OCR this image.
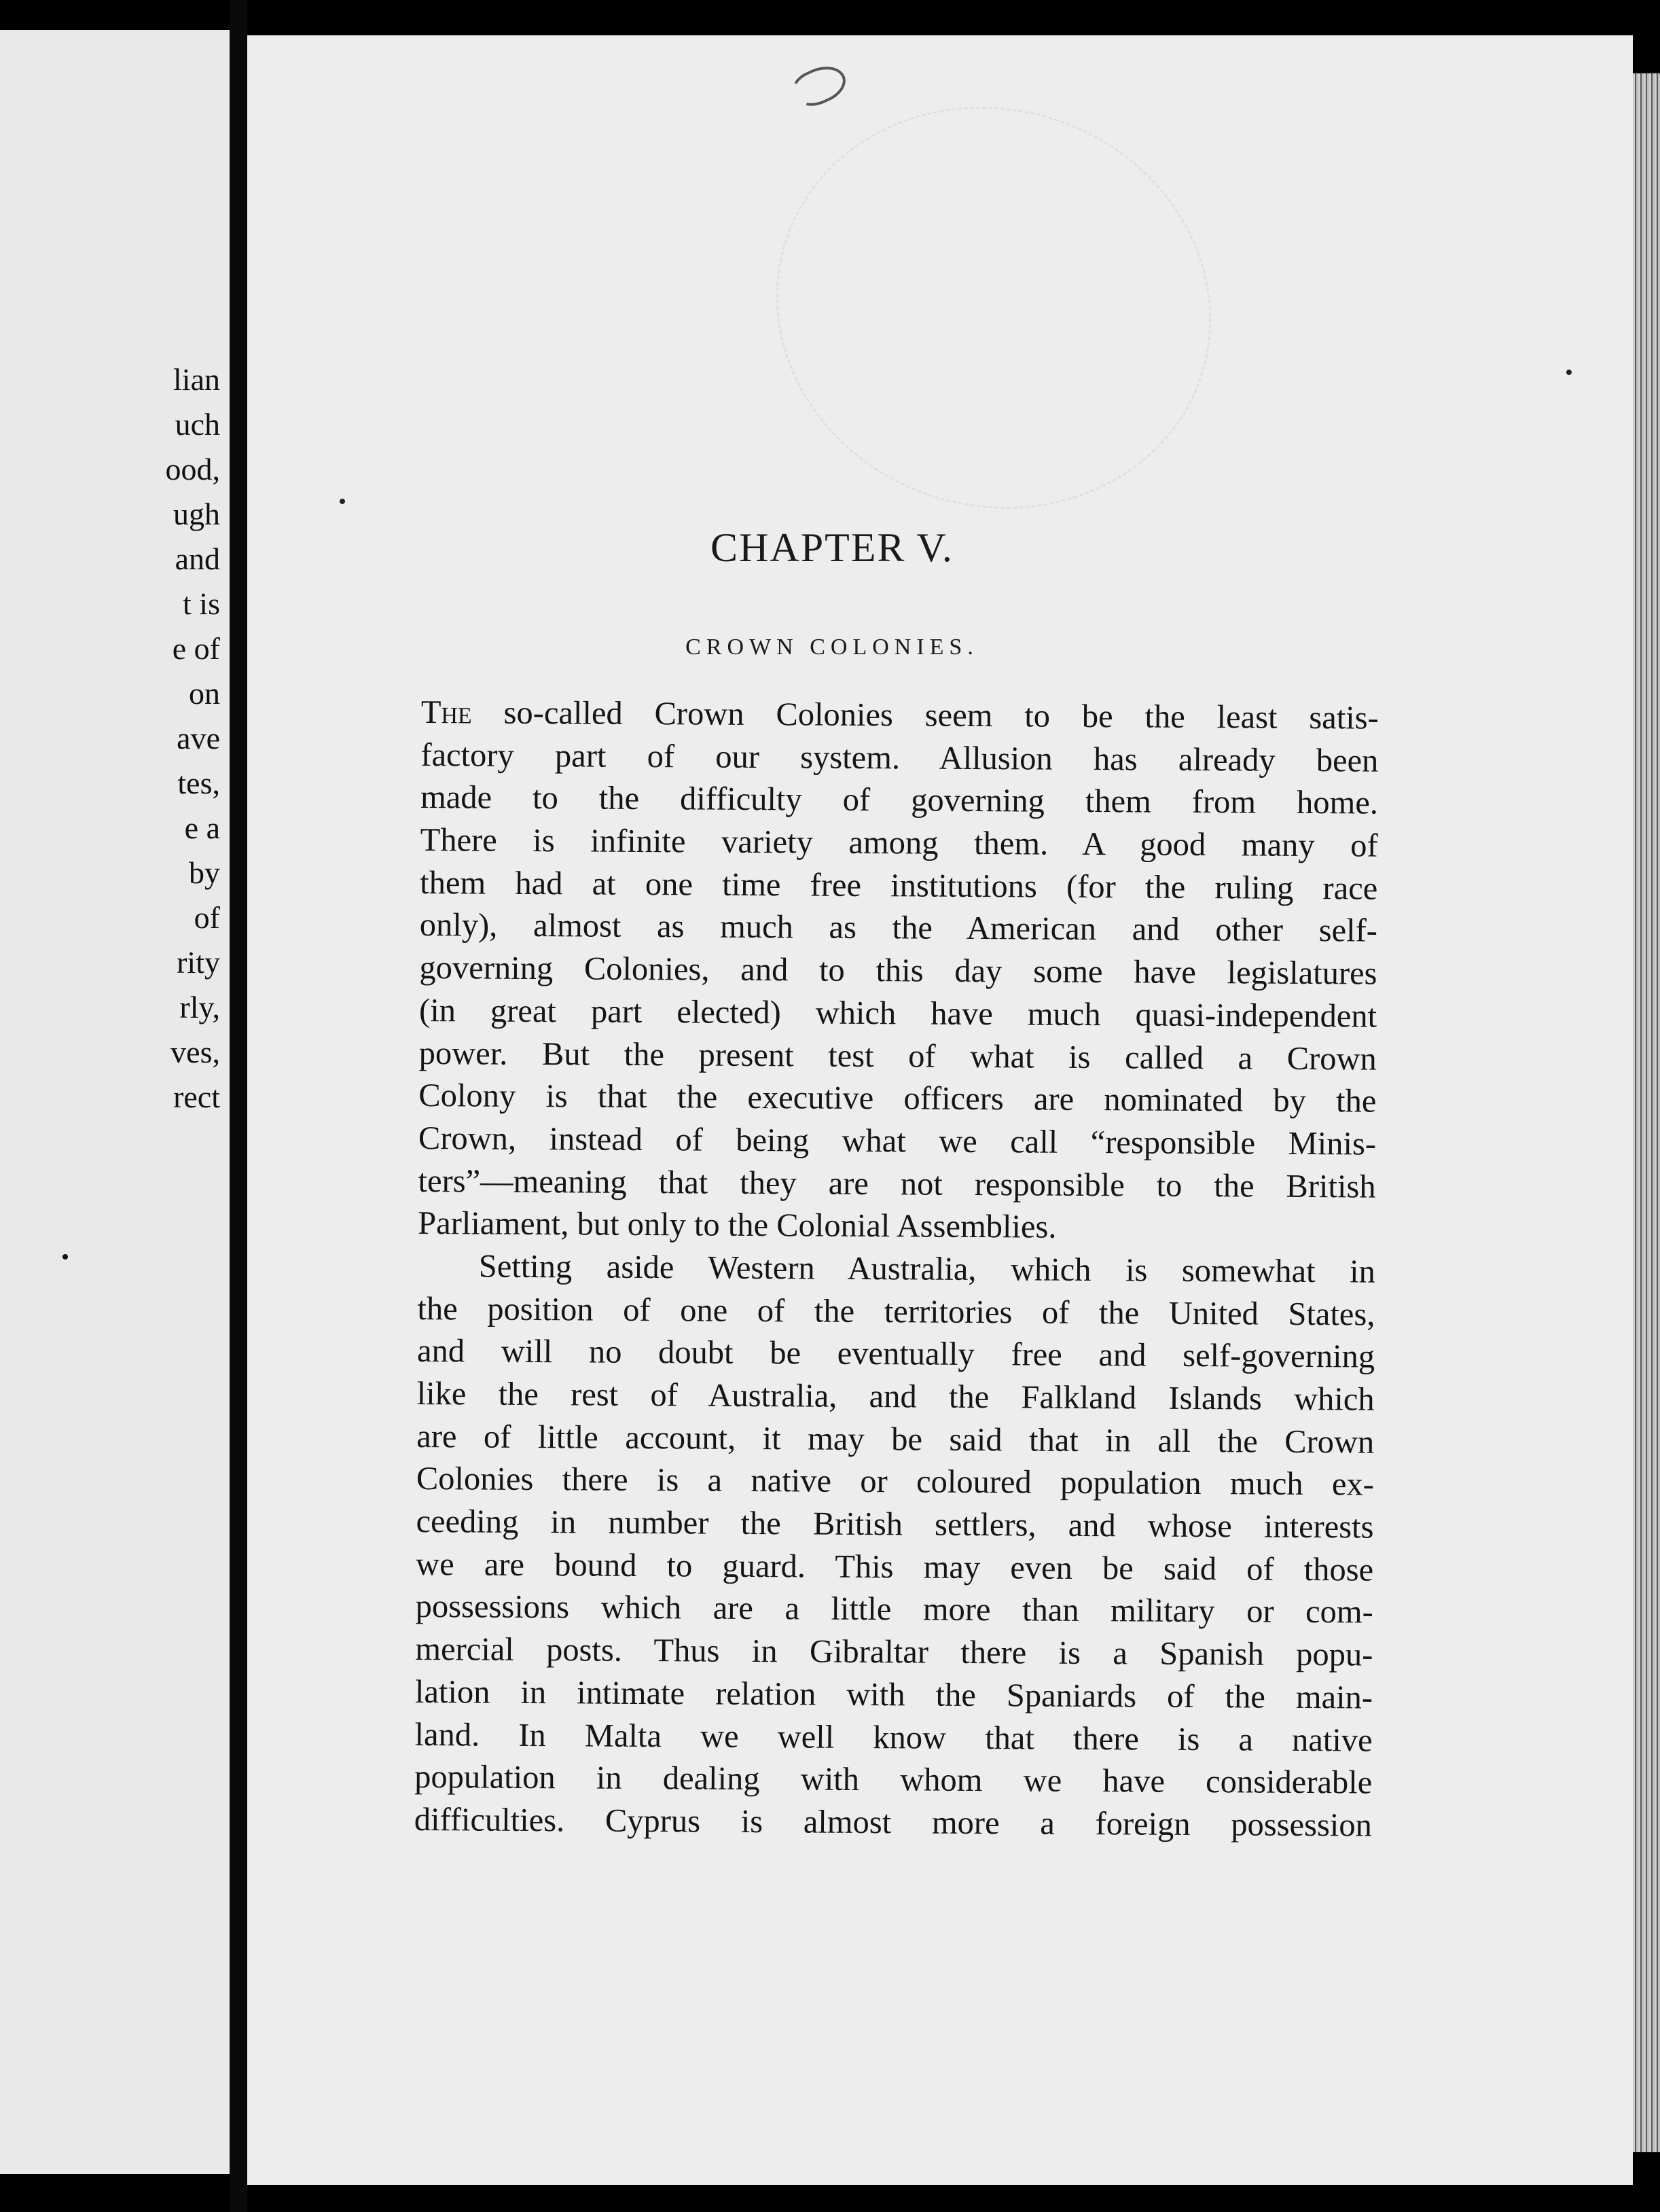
lian
uch
ood,
ugh
and
t is
e of
on
ave
tes,
e a
by
of
rity
rly,
ves,
rect
CHAPTER V.
CROWN COLONIES.
The so-called Crown Colonies seem to be the least satis-
factory part of our system. Allusion has already been
made to the difficulty of governing them from home.
There is infinite variety among them. A good many of
them had at one time free institutions (for the ruling race
only), almost as much as the American and other self-
governing Colonies, and to this day some have legislatures
(in great part elected) which have much quasi-independent
power. But the present test of what is called a Crown
Colony is that the executive officers are nominated by the
Crown, instead of being what we call “responsible Minis-
ters”—meaning that they are not responsible to the British
Parliament, but only to the Colonial Assemblies.
Setting aside Western Australia, which is somewhat in
the position of one of the territories of the United States,
and will no doubt be eventually free and self-governing
like the rest of Australia, and the Falkland Islands which
are of little account, it may be said that in all the Crown
Colonies there is a native or coloured population much ex-
ceeding in number the British settlers, and whose interests
we are bound to guard. This may even be said of those
possessions which are a little more than military or com-
mercial posts. Thus in Gibraltar there is a Spanish popu-
lation in intimate relation with the Spaniards of the main-
land. In Malta we well know that there is a native
population in dealing with whom we have considerable
difficulties. Cyprus is almost more a foreign possession
